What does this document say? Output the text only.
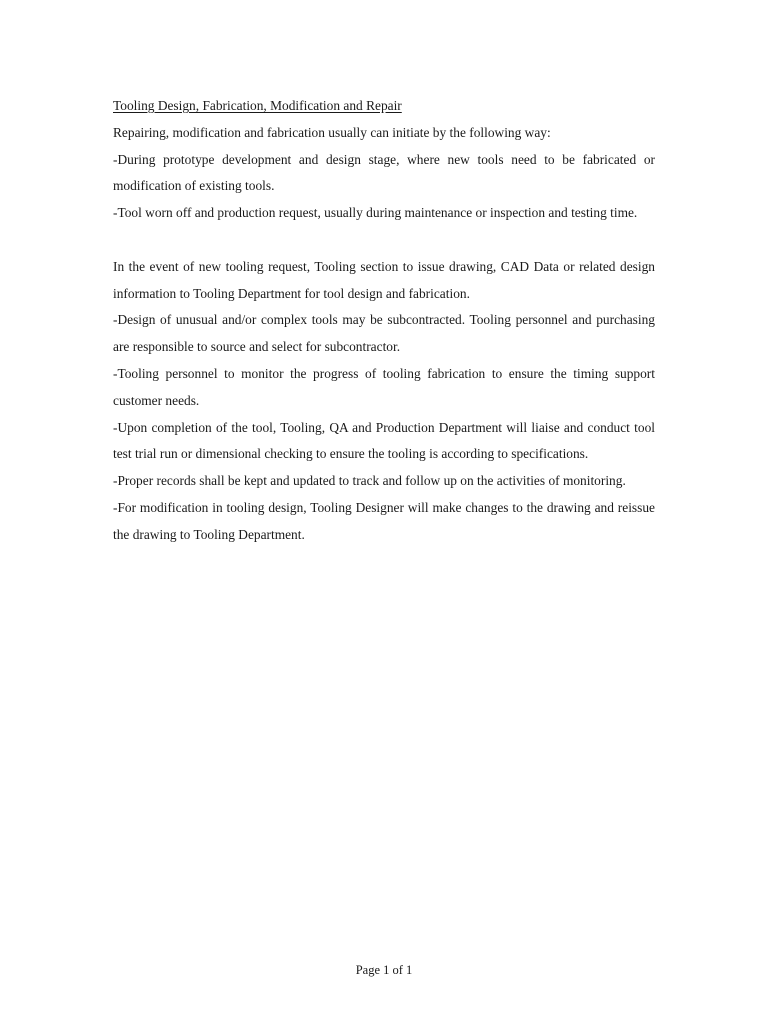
Tooling Design, Fabrication, Modification and Repair

Repairing, modification and fabrication usually can initiate by the following way:

-During prototype development and design stage, where new tools need to be fabricated or modification of existing tools.

-Tool worn off and production request, usually during maintenance or inspection and testing time.

In the event of new tooling request, Tooling section to issue drawing, CAD Data or related design information to Tooling Department for tool design and fabrication.

-Design of unusual and/or complex tools may be subcontracted. Tooling personnel and purchasing are responsible to source and select for subcontractor.

-Tooling personnel to monitor the progress of tooling fabrication to ensure the timing support customer needs.

-Upon completion of the tool, Tooling, QA and Production Department will liaise and conduct tool test trial run or dimensional checking to ensure the tooling is according to specifications.

-Proper records shall be kept and updated to track and follow up on the activities of monitoring.

-For modification in tooling design, Tooling Designer will make changes to the drawing and reissue the drawing to Tooling Department.

Page 1 of 1
